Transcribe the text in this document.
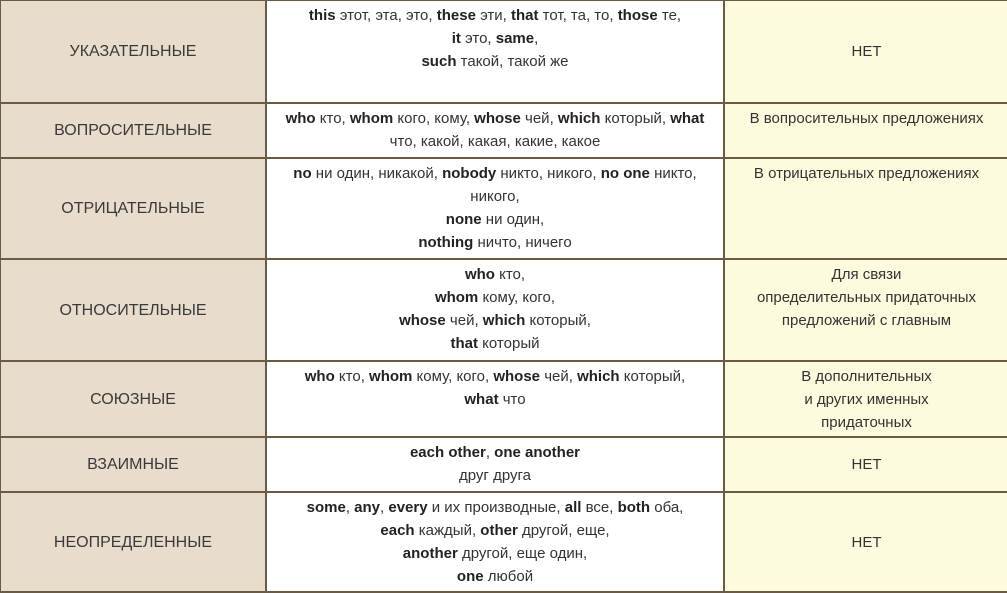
УКАЗАТЕЛЬНЫЕ	this этот, эта, это, these эти, that тот, та, то, those те,
it это, same,
such такой, такой же	НЕТ
ВОПРОСИТЕЛЬНЫЕ	who кто, whom кого, кому, whose чей, which который, what
что, какой, какая, какие, какое	В вопросительных предложениях
ОТРИЦАТЕЛЬНЫЕ	no ни один, никакой, nobody никто, никого, no one никто,
никого,
none ни один,
nothing ничто, ничего	В отрицательных предложениях
ОТНОСИТЕЛЬНЫЕ	who кто,
whom кому, кого,
whose чей, which который,
that который	Для связи
определительных придаточных
предложений с главным
СОЮЗНЫЕ	who кто, whom кому, кого, whose чей, which который,
what что	В дополнительных
и других именных
придаточных
ВЗАИМНЫЕ	each other, one another
друг друга	НЕТ
НЕОПРЕДЕЛЕННЫЕ	some, any, every и их производные, all все, both оба,
each каждый, other другой, еще,
another другой, еще один,
one любой	НЕТ
